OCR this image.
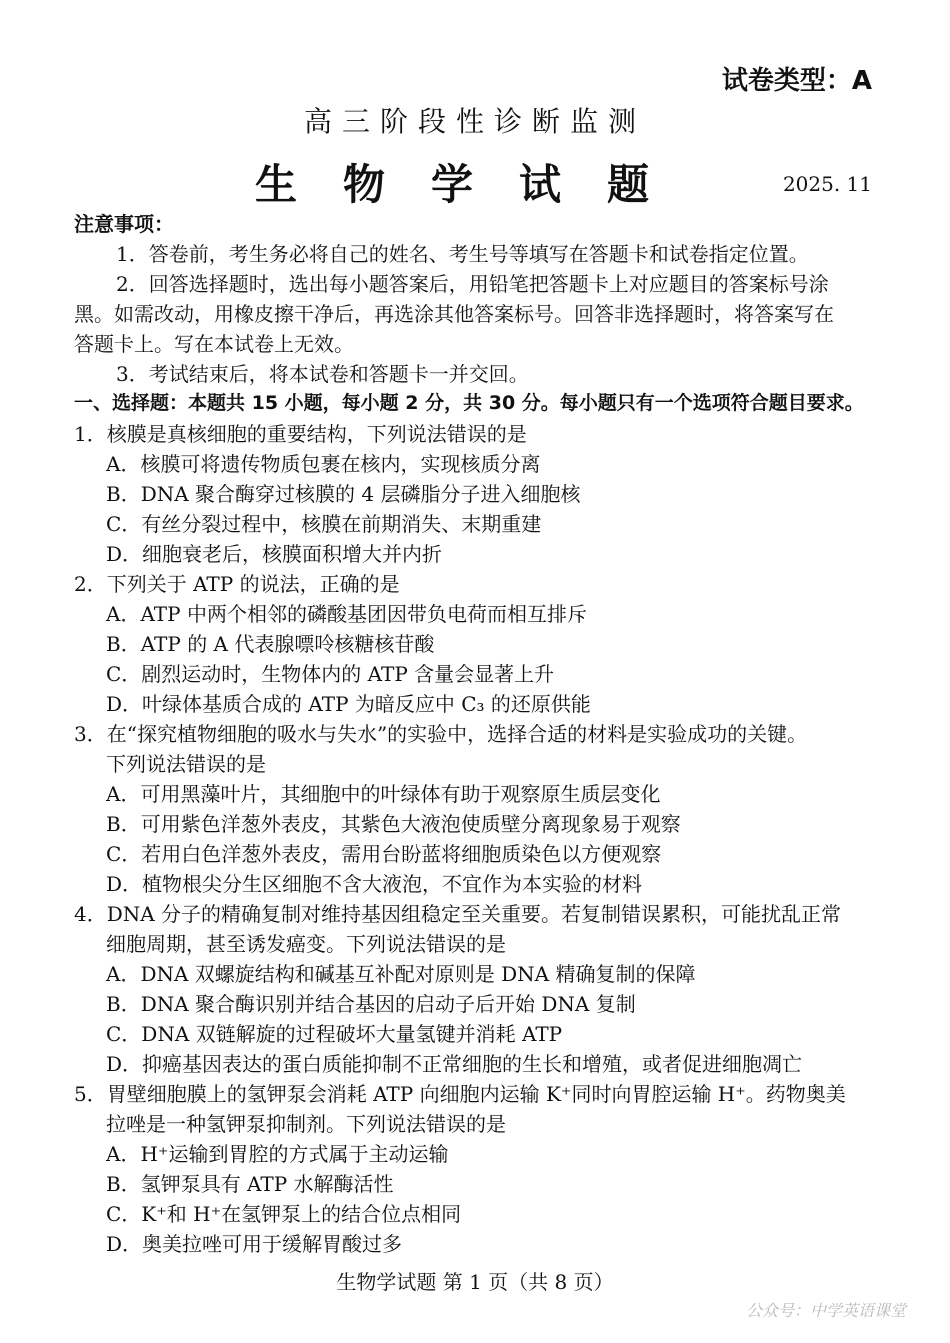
试卷类型：A
高三阶段性诊断监测
生物学试题	2025. 11
注意事项：
1．答卷前，考生务必将自己的姓名、考生号等填写在答题卡和试卷指定位置。
2．回答选择题时，选出每小题答案后，用铅笔把答题卡上对应题目的答案标号涂
黑。如需改动，用橡皮擦干净后，再选涂其他答案标号。回答非选择题时，将答案写在
答题卡上。写在本试卷上无效。
3．考试结束后，将本试卷和答题卡一并交回。
一、选择题：本题共 15 小题，每小题 2 分，共 30 分。每小题只有一个选项符合题目要求。
1．核膜是真核细胞的重要结构，下列说法错误的是
A．核膜可将遗传物质包裹在核内，实现核质分离
B．DNA 聚合酶穿过核膜的 4 层磷脂分子进入细胞核
C．有丝分裂过程中，核膜在前期消失、末期重建
D．细胞衰老后，核膜面积增大并内折
2．下列关于 ATP 的说法，正确的是
A．ATP 中两个相邻的磷酸基团因带负电荷而相互排斥
B．ATP 的 A 代表腺嘌呤核糖核苷酸
C．剧烈运动时，生物体内的 ATP 含量会显著上升
D．叶绿体基质合成的 ATP 为暗反应中 C₃ 的还原供能
3．在“探究植物细胞的吸水与失水”的实验中，选择合适的材料是实验成功的关键。
下列说法错误的是
A．可用黑藻叶片，其细胞中的叶绿体有助于观察原生质层变化
B．可用紫色洋葱外表皮，其紫色大液泡使质壁分离现象易于观察
C．若用白色洋葱外表皮，需用台盼蓝将细胞质染色以方便观察
D．植物根尖分生区细胞不含大液泡，不宜作为本实验的材料
4．DNA 分子的精确复制对维持基因组稳定至关重要。若复制错误累积，可能扰乱正常
细胞周期，甚至诱发癌变。下列说法错误的是
A．DNA 双螺旋结构和碱基互补配对原则是 DNA 精确复制的保障
B．DNA 聚合酶识别并结合基因的启动子后开始 DNA 复制
C．DNA 双链解旋的过程破坏大量氢键并消耗 ATP
D．抑癌基因表达的蛋白质能抑制不正常细胞的生长和增殖，或者促进细胞凋亡
5．胃壁细胞膜上的氢钾泵会消耗 ATP 向细胞内运输 K⁺同时向胃腔运输 H⁺。药物奥美
拉唑是一种氢钾泵抑制剂。下列说法错误的是
A．H⁺运输到胃腔的方式属于主动运输
B．氢钾泵具有 ATP 水解酶活性
C．K⁺和 H⁺在氢钾泵上的结合位点相同
D．奥美拉唑可用于缓解胃酸过多
生物学试题 第 1 页（共 8 页）
公众号：中学英语课堂
